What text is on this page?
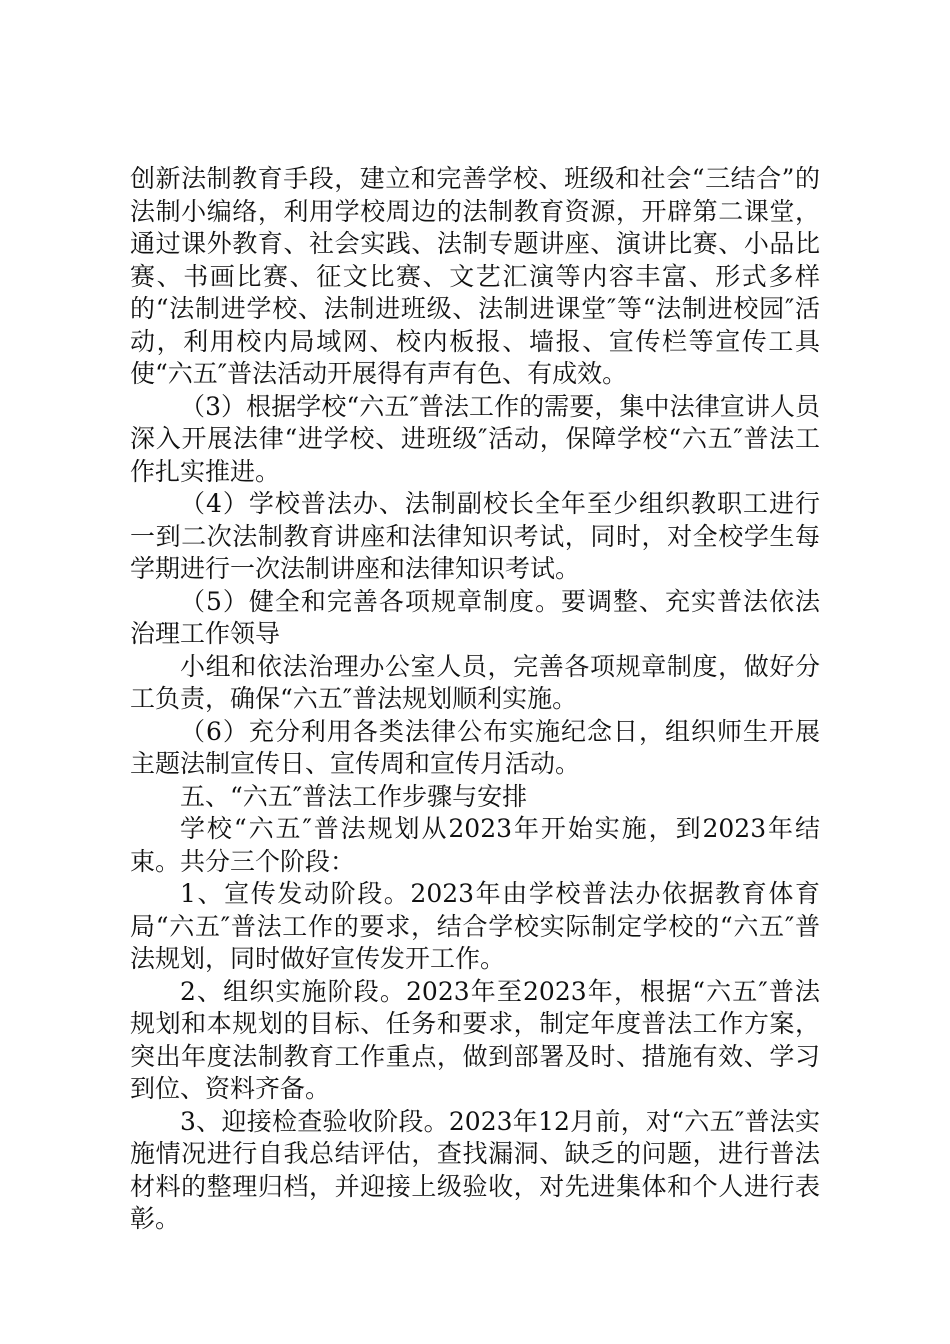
创新法制教育手段，建立和完善学校、班级和社会“三结合”的法制小编络，利用学校周边的法制教育资源，开辟第二课堂，通过课外教育、社会实践、法制专题讲座、演讲比赛、小品比赛、书画比赛、征文比赛、文艺汇演等内容丰富、形式多样的“法制进学校、法制进班级、法制进课堂″等“法制进校园″活动，利用校内局域网、校内板报、墙报、宣传栏等宣传工具使“六五″普法活动开展得有声有色、有成效。

（3）根据学校“六五″普法工作的需要，集中法律宣讲人员深入开展法律“进学校、进班级″活动，保障学校“六五″普法工作扎实推进。

（4）学校普法办、法制副校长全年至少组织教职工进行一到二次法制教育讲座和法律知识考试，同时，对全校学生每学期进行一次法制讲座和法律知识考试。

（5）健全和完善各项规章制度。要调整、充实普法依法治理工作领导

小组和依法治理办公室人员，完善各项规章制度，做好分工负责，确保“六五″普法规划顺利实施。

（6）充分利用各类法律公布实施纪念日，组织师生开展主题法制宣传日、宣传周和宣传月活动。

五、“六五″普法工作步骤与安排

学校“六五″普法规划从2023年开始实施，到2023年结束。共分三个阶段：

1、宣传发动阶段。2023年由学校普法办依据教育体育局“六五″普法工作的要求，结合学校实际制定学校的“六五″普法规划，同时做好宣传发开工作。

2、组织实施阶段。2023年至2023年，根据“六五″普法规划和本规划的目标、任务和要求，制定年度普法工作方案，突出年度法制教育工作重点，做到部署及时、措施有效、学习到位、资料齐备。

3、迎接检查验收阶段。2023年12月前，对“六五″普法实施情况进行自我总结评估，查找漏洞、缺乏的问题，进行普法材料的整理归档，并迎接上级验收，对先进集体和个人进行表彰。
